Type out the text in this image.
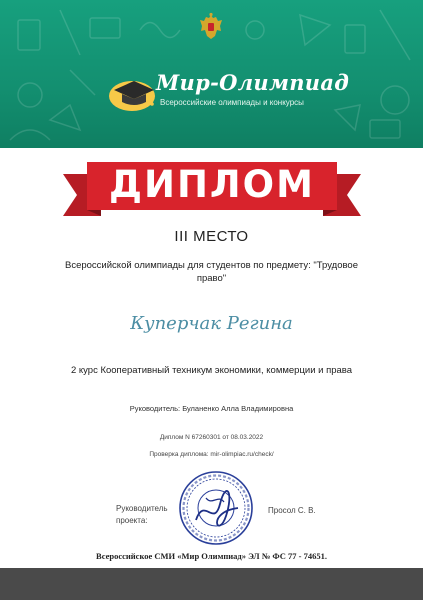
Мир-Олимпиад
Всероссийские олимпиады и конкурсы
ДИПЛОМ
III МЕСТО
Всероссийской олимпиады для студентов по предмету: "Трудовое право"
Куперчак Регина
2 курс Кооперативный техникум экономики, коммерции и права
Руководитель: Буланенко Алла Владимировна
Диплом N 67260301 от 08.03.2022
Проверка диплома: mir-olimpiac.ru/check/
Руководитель проекта:
Просол С. В.
Всероссийское СМИ «Мир Олимпиад» ЭЛ № ФС 77 - 74651.
